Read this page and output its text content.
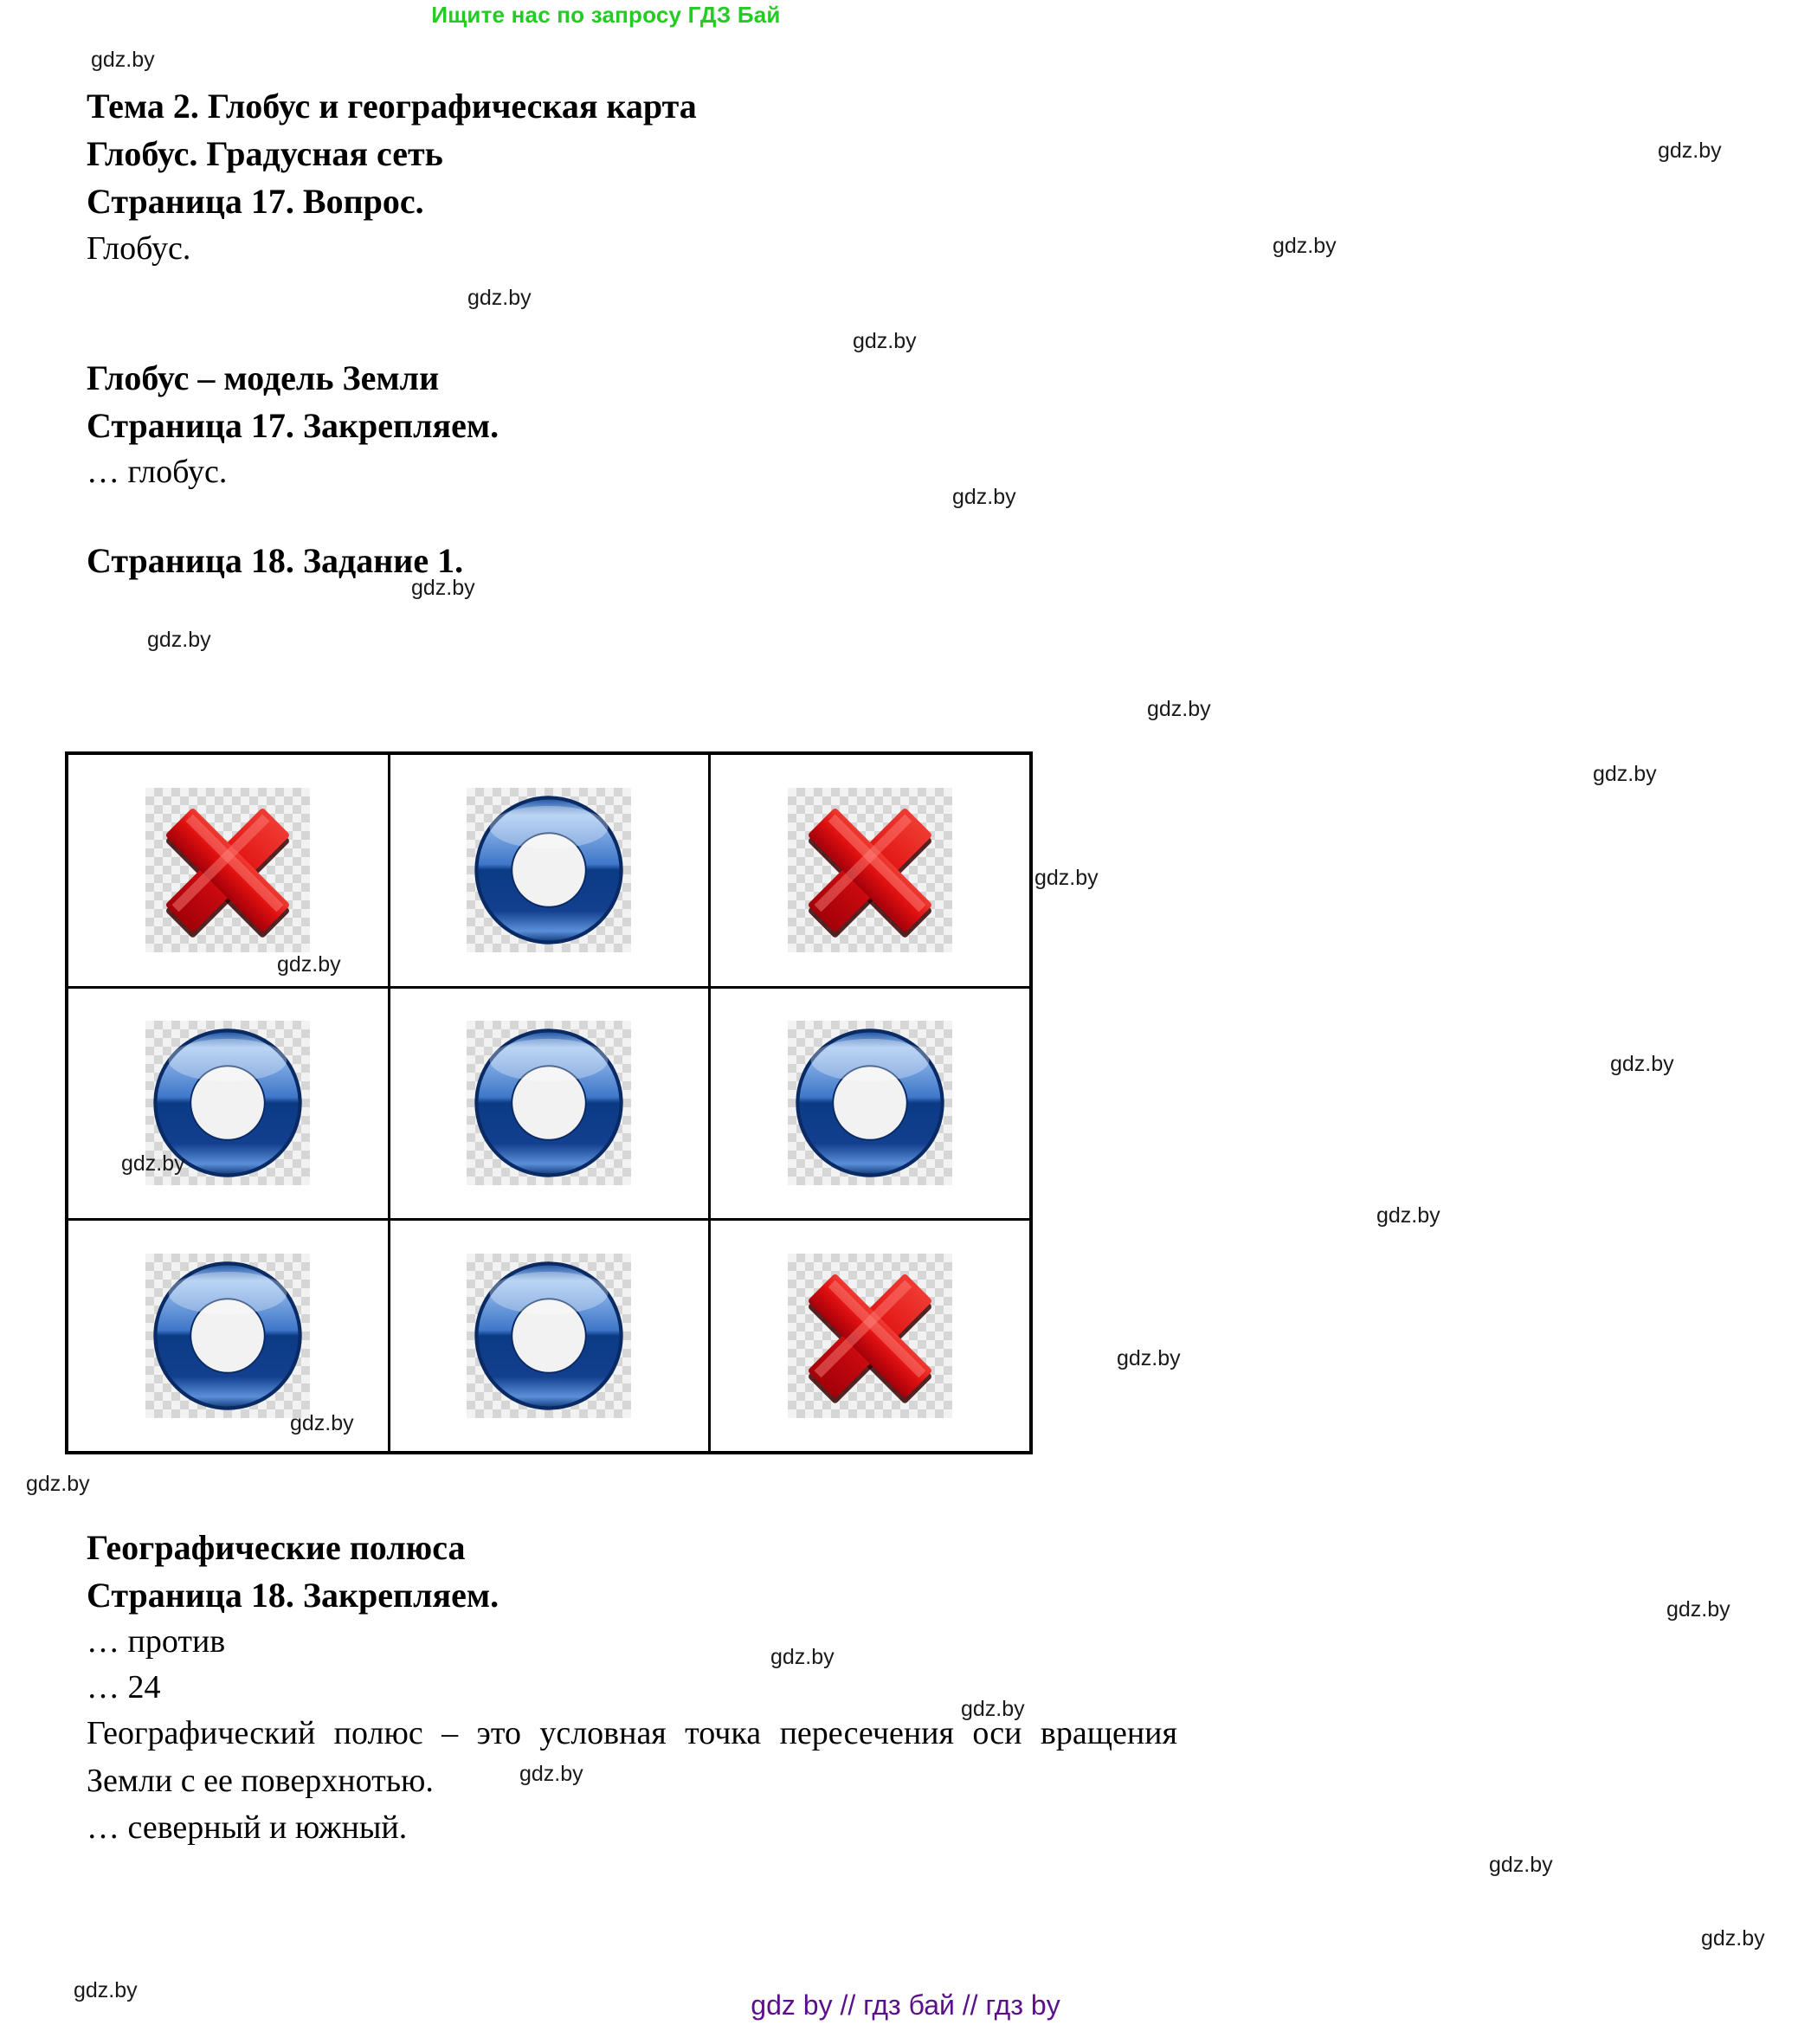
Ищите нас по запросу ГДЗ Бай

Тема 2. Глобус и географическая карта

Глобус. Градусная сеть

Страница 17. Вопрос.

Глобус.

Глобус – модель Земли

Страница 17. Закрепляем.

… глобус.

Страница 18. Задание 1.

Географические полюса

Страница 18. Закрепляем.

… против

… 24

Географический полюс – это условная точка пересечения оси вращения Земли с ее поверхнотью.

… северный и южный.

gdz.by
gdz.by
gdz.by
gdz.by
gdz.by
gdz.by
gdz.by
gdz.by
gdz.by
gdz.by
gdz.by
gdz.by
gdz.by
gdz.by
gdz.by
gdz.by
gdz.by
gdz.by
gdz.by
gdz.by
gdz.by
gdz.by
gdz.by
gdz.by
gdz.by	gdz by // гдз бай // гдз by
